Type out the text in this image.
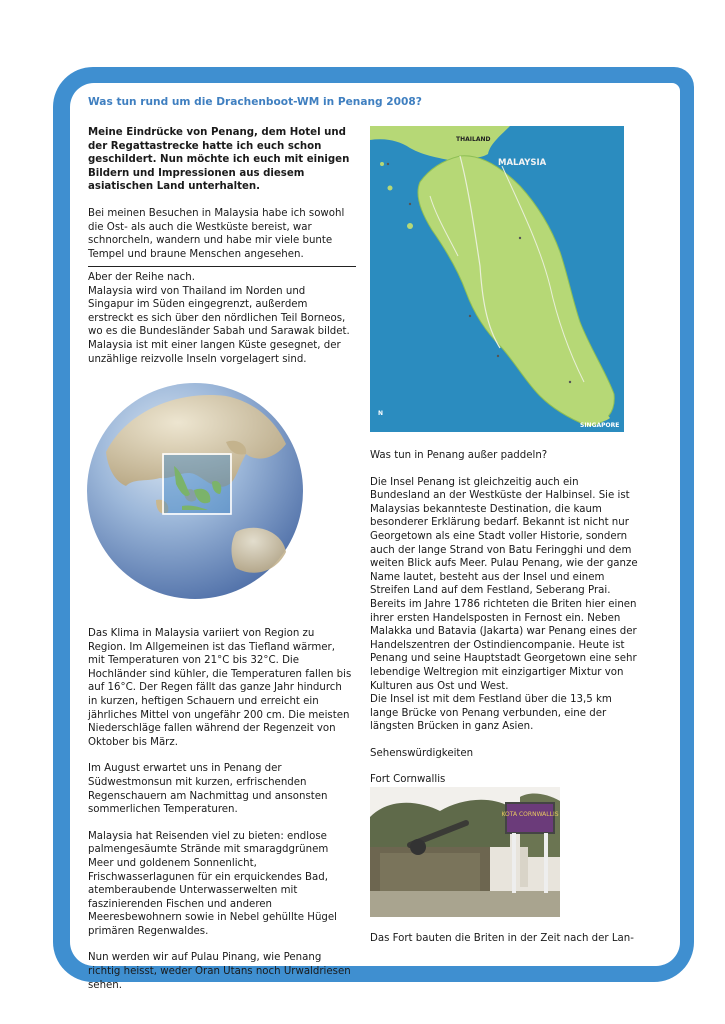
Was tun rund um die Drachenboot-WM in Penang 2008?

Meine Eindrücke von Penang, dem Hotel und der Regattastrecke hatte ich euch schon geschildert. Nun möchte ich euch mit einigen Bildern und Impressionen aus diesem asiatischen Land unterhalten.

Bei meinen Besuchen in Malaysia habe ich sowohl die Ost- als auch die Westküste bereist, war schnorcheln, wandern und habe mir viele bunte Tempel und braune Menschen angesehen.

Aber der Reihe nach.

Malaysia wird von Thailand im Norden und Singapur im Süden eingegrenzt, außerdem erstreckt es sich über den nördlichen Teil Borneos, wo es die Bundesländer Sabah und Sarawak bildet. Malaysia ist mit einer langen Küste gesegnet, der unzählige reizvolle Inseln vorgelagert sind.

Das Klima in Malaysia variiert von Region zu Region. Im Allgemeinen ist das Tiefland wärmer, mit Temperaturen von 21°C bis 32°C. Die Hochländer sind kühler, die Temperaturen fallen bis auf 16°C. Der Regen fällt das ganze Jahr hindurch in kurzen, heftigen Schauern und erreicht ein jährliches Mittel von ungefähr 200 cm. Die meisten Niederschläge fallen während der Regenzeit von Oktober bis März.

Im August erwartet uns in Penang der Südwestmonsun mit kurzen, erfrischenden Regenschauern am Nachmittag und ansonsten sommerlichen Temperaturen.

Malaysia hat Reisenden viel zu bieten: endlose palmengesäumte Strände mit smaragdgrünem Meer und goldenem Sonnenlicht, Frischwasserlagunen für ein erquickendes Bad, atemberaubende Unterwasserwelten mit faszinierenden Fischen und anderen Meeresbewohnern sowie in Nebel gehüllte Hügel primären Regenwaldes.

Nun werden wir auf Pulau Pinang, wie Penang richtig heisst, weder Oran Utans noch Urwaldriesen sehen.

MALAYSIA
THAILAND
SINGAPORE
N

Was tun in Penang außer paddeln?

Die Insel Penang ist gleichzeitig auch ein Bundesland an der Westküste der Halbinsel. Sie ist Malaysias bekannteste Destination, die kaum besonderer Erklärung bedarf. Bekannt ist nicht nur Georgetown als eine Stadt voller Historie, sondern auch der lange Strand von Batu Feringghi und dem weiten Blick aufs Meer. Pulau Penang, wie der ganze Name lautet, besteht aus der Insel und einem Streifen Land auf dem Festland, Seberang Prai.

Bereits im Jahre 1786 richteten die Briten hier einen ihrer ersten Handelsposten in Fernost ein. Neben Malakka und Batavia (Jakarta) war Penang eines der Handelszentren der Ostindiencompanie. Heute ist Penang und seine Hauptstadt Georgetown eine sehr lebendige Weltregion mit einzigartiger Mixtur von Kulturen aus Ost und West.

Die Insel ist mit dem Festland über die 13,5 km lange Brücke von Penang verbunden, eine der längsten Brücken in ganz Asien.

Sehenswürdigkeiten

Fort Cornwallis

KOTA CORNWALLIS
Das Fort bauten die Briten in der Zeit nach der Lan-
